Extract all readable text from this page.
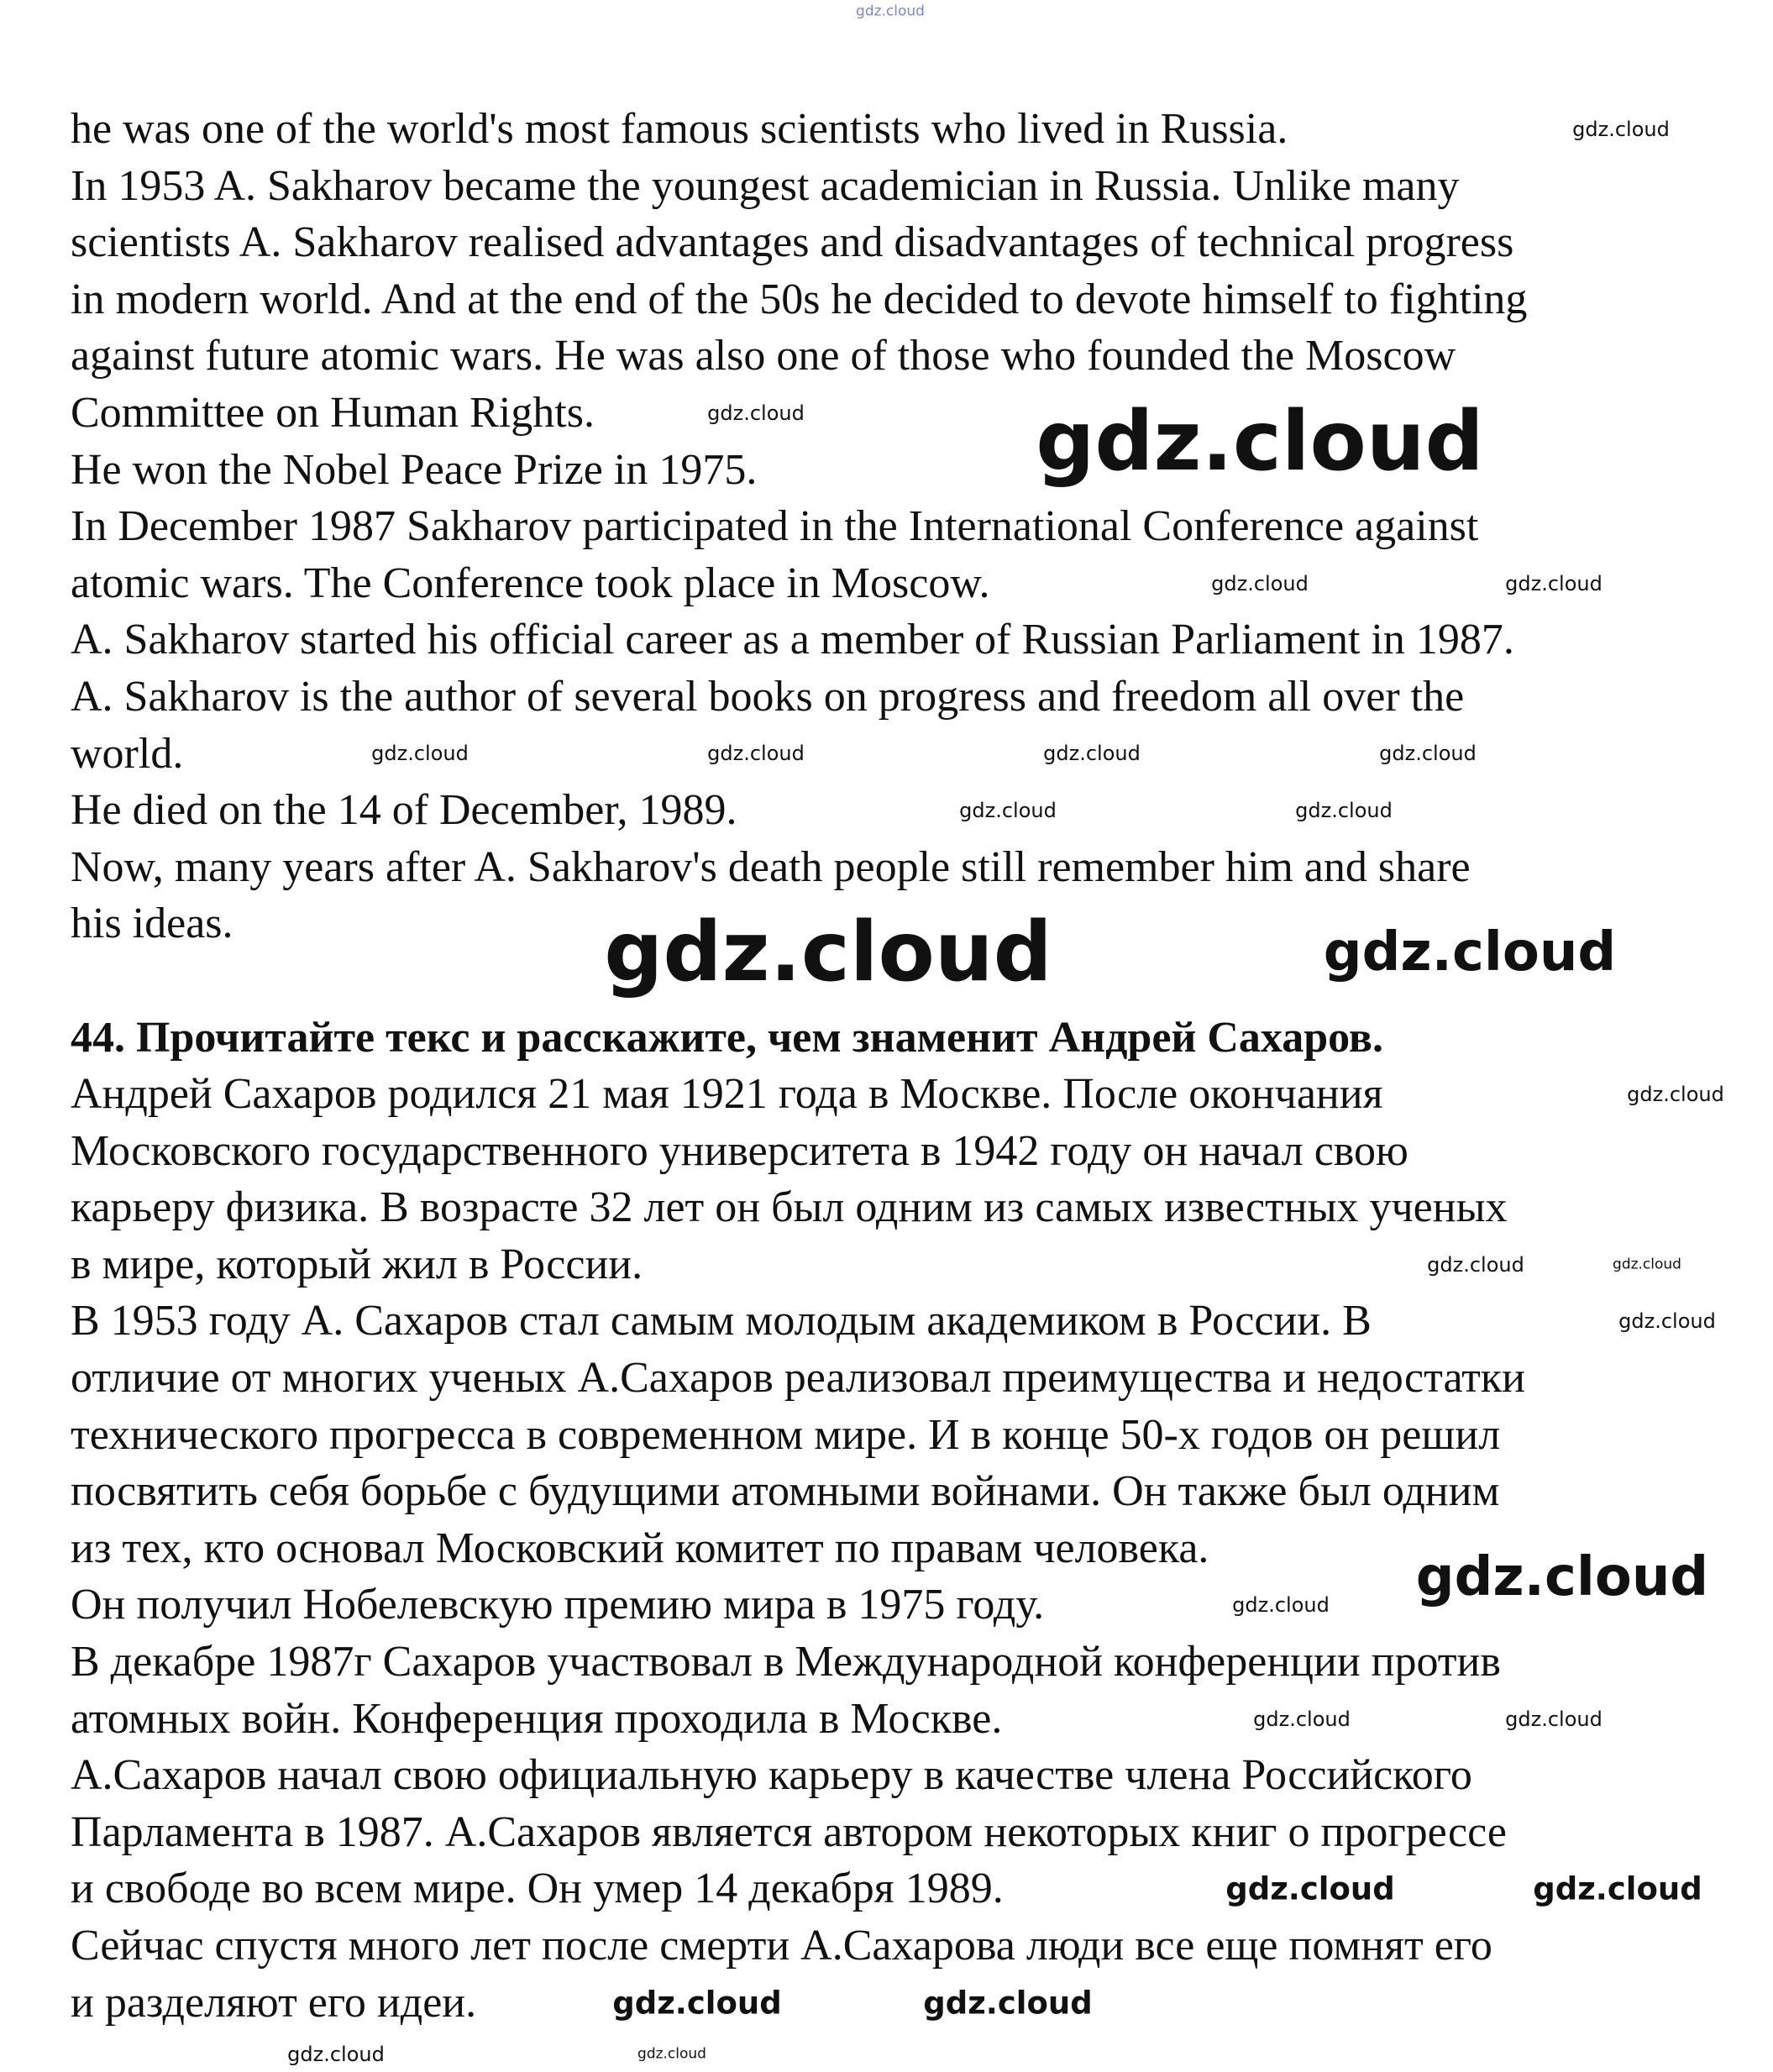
he was one of the world's most famous scientists who lived in Russia.
In 1953 A. Sakharov became the youngest academician in Russia. Unlike many
scientists A. Sakharov realised advantages and disadvantages of technical progress
in modern world. And at the end of the 50s he decided to devote himself to fighting
against future atomic wars. He was also one of those who founded the Moscow
Committee on Human Rights.
He won the Nobel Peace Prize in 1975.
In December 1987 Sakharov participated in the International Conference against
atomic wars. The Conference took place in Moscow.
A. Sakharov started his official career as a member of Russian Parliament in 1987.
A. Sakharov is the author of several books on progress and freedom all over the
world.
He died on the 14 of December, 1989.
Now, many years after A. Sakharov's death people still remember him and share
his ideas.
44. Прочитайте текс и расскажите, чем знаменит Андрей Сахаров.
Андрей Сахаров родился 21 мая 1921 года в Москве. После окончания
Московского государственного университета в 1942 году он начал свою
карьеру физика. В возрасте 32 лет он был одним из самых известных ученых
в мире, который жил в России.
В 1953 году А. Сахаров стал самым молодым академиком в России. В
отличие от многих ученых А.Сахаров реализовал преимущества и недостатки
технического прогресса в современном мире. И в конце 50-х годов он решил
посвятить себя борьбе с будущими атомными войнами. Он также был одним
из тех, кто основал Московский комитет по правам человека.
Он получил Нобелевскую премию мира в 1975 году.
В декабре 1987г Сахаров участвовал в Международной конференции против
атомных войн. Конференция проходила в Москве.
А.Сахаров начал свою официальную карьеру в качестве члена Российского
Парламента в 1987. А.Сахаров является автором некоторых книг о прогрессе
и свободе во всем мире. Он умер 14 декабря 1989.
Сейчас спустя много лет после смерти А.Сахарова люди все еще помнят его
и разделяют его идеи.
gdz.cloud
gdz.cloud
gdz.cloud	gdz.cloud
gdz.cloud	gdz.cloud
gdz.cloud	gdz.cloud	gdz.cloud	gdz.cloud
gdz.cloud	gdz.cloud
gdz.cloud	gdz.cloud
gdz.cloud
gdz.cloud	gdz.cloud
gdz.cloud
gdz.cloud
gdz.cloud
gdz.cloud	gdz.cloud
gdz.cloud	gdz.cloud
gdz.cloud	gdz.cloud
gdz.cloud	gdz.cloud
